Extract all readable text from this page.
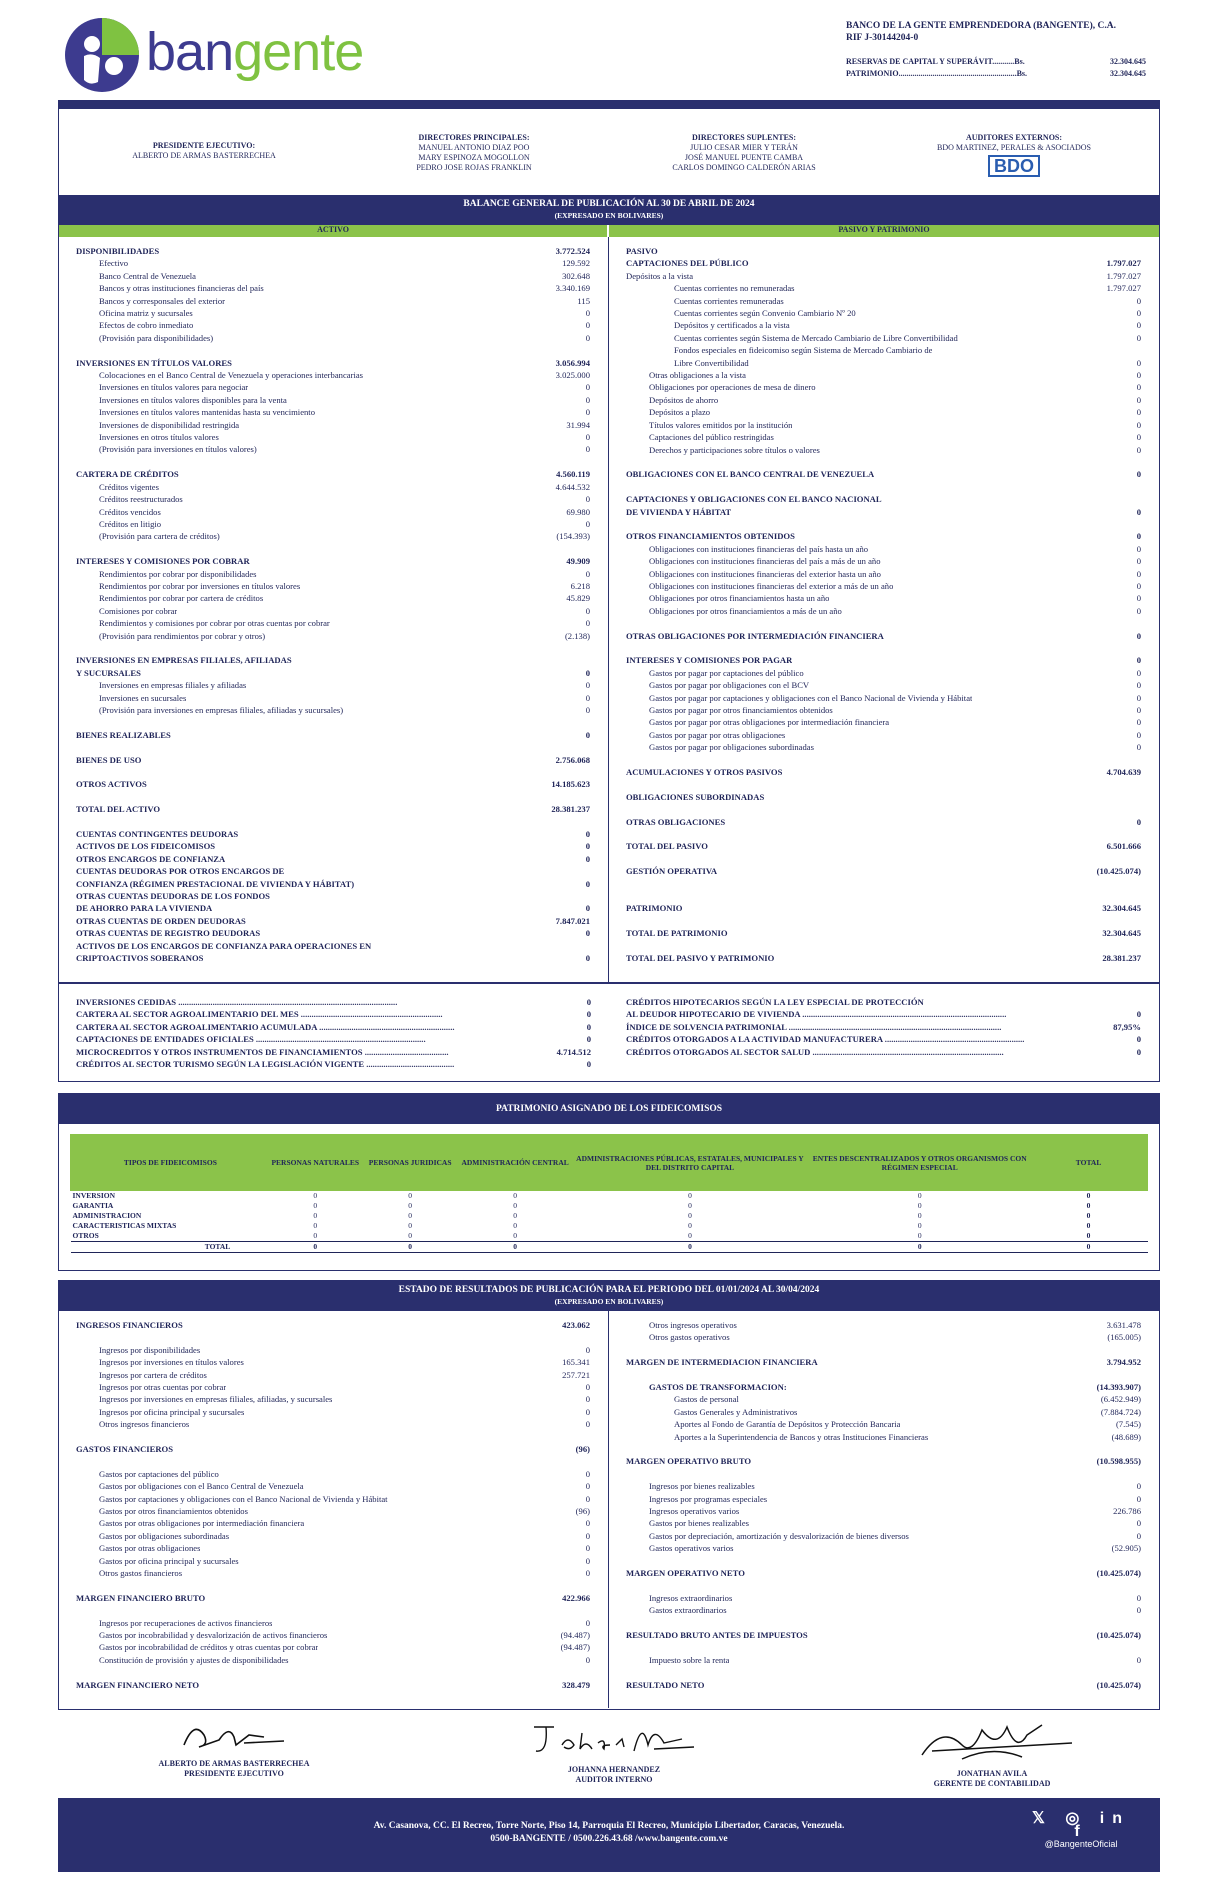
bangente	BANCO DE LA GENTE EMPRENDEDORA (BANGENTE), C.A.
RIF J-30144204-0
RESERVAS DE CAPITAL Y SUPERÁVIT...........Bs.	32.304.645
PATRIMONIO...........................................................Bs.	32.304.645
PRESIDENTE EJECUTIVO:
ALBERTO DE ARMAS BASTERRECHEA
DIRECTORES PRINCIPALES:
MANUEL ANTONIO DIAZ POO
MARY ESPINOZA MOGOLLON
PEDRO JOSE ROJAS FRANKLIN
DIRECTORES SUPLENTES:
JULIO CESAR MIER Y TERÁN
JOSÉ MANUEL PUENTE CAMBA
CARLOS DOMINGO CALDERÓN ARIAS
AUDITORES EXTERNOS:
BDO MARTINEZ, PERALES & ASOCIADOS
BDO
BALANCE GENERAL DE PUBLICACIÓN AL 30 DE ABRIL DE 2024
(EXPRESADO EN BOLIVARES)
ACTIVO	PASIVO Y PATRIMONIO
DISPONIBILIDADES	3.772.524
Efectivo	129.592
Banco Central de Venezuela	302.648
Bancos y otras instituciones financieras del país	3.340.169
Bancos y corresponsales del exterior	115
Oficina matriz y sucursales	0
Efectos de cobro inmediato	0
(Provisión para disponibilidades)	0
INVERSIONES EN TÍTULOS VALORES	3.056.994
Colocaciones en el Banco Central de Venezuela y operaciones interbancarias	3.025.000
Inversiones en títulos valores para negociar	0
Inversiones en títulos valores disponibles para la venta	0
Inversiones en títulos valores mantenidas hasta su vencimiento	0
Inversiones de disponibilidad restringida	31.994
Inversiones en otros títulos valores	0
(Provisión para inversiones en títulos valores)	0
CARTERA DE CRÉDITOS	4.560.119
Créditos vigentes	4.644.532
Créditos reestructurados	0
Créditos vencidos	69.980
Créditos en litigio	0
(Provisión para cartera de créditos)	(154.393)
INTERESES Y COMISIONES POR COBRAR	49.909
Rendimientos por cobrar por disponibilidades	0
Rendimientos por cobrar por inversiones en títulos valores	6.218
Rendimientos por cobrar por cartera de créditos	45.829
Comisiones por cobrar	0
Rendimientos y comisiones por cobrar por otras cuentas por cobrar	0
(Provisión para rendimientos por cobrar y otros)	(2.138)
INVERSIONES EN EMPRESAS FILIALES, AFILIADAS
Y SUCURSALES	0
Inversiones en empresas filiales y afiliadas	0
Inversiones en sucursales	0
(Provisión para inversiones en empresas filiales, afiliadas y sucursales)	0
BIENES REALIZABLES	0
BIENES DE USO	2.756.068
OTROS ACTIVOS	14.185.623
TOTAL DEL ACTIVO	28.381.237
CUENTAS CONTINGENTES DEUDORAS	0
ACTIVOS DE LOS FIDEICOMISOS	0
OTROS ENCARGOS DE CONFIANZA	0
CUENTAS DEUDORAS POR OTROS ENCARGOS DE
CONFIANZA (RÉGIMEN PRESTACIONAL DE VIVIENDA Y HÁBITAT)	0
OTRAS CUENTAS DEUDORAS DE LOS FONDOS
DE AHORRO PARA LA VIVIENDA	0
OTRAS CUENTAS DE ORDEN DEUDORAS	7.847.021
OTRAS CUENTAS DE REGISTRO DEUDORAS	0
ACTIVOS DE LOS ENCARGOS DE CONFIANZA PARA OPERACIONES EN
CRIPTOACTIVOS SOBERANOS	0
PASIVO
CAPTACIONES DEL PÚBLICO	1.797.027
Depósitos a la vista	1.797.027
Cuentas corrientes no remuneradas	1.797.027
Cuentas corrientes remuneradas	0
Cuentas corrientes según Convenio Cambiario Nº 20	0
Depósitos y certificados a la vista	0
Cuentas corrientes según Sistema de Mercado Cambiario de Libre Convertibilidad	0
Fondos especiales en fideicomiso según Sistema de Mercado Cambiario de
Libre Convertibilidad	0
Otras obligaciones a la vista	0
Obligaciones por operaciones de mesa de dinero	0
Depósitos de ahorro	0
Depósitos a plazo	0
Títulos valores emitidos por la institución	0
Captaciones del público restringidas	0
Derechos y participaciones sobre títulos o valores	0
OBLIGACIONES CON EL BANCO CENTRAL DE VENEZUELA	0
CAPTACIONES Y OBLIGACIONES CON EL BANCO NACIONAL
DE VIVIENDA Y HÁBITAT	0
OTROS FINANCIAMIENTOS OBTENIDOS	0
Obligaciones con instituciones financieras del país hasta un año	0
Obligaciones con instituciones financieras del país a más de un año	0
Obligaciones con instituciones financieras del exterior hasta un año	0
Obligaciones con instituciones financieras del exterior a más de un año	0
Obligaciones por otros financiamientos hasta un año	0
Obligaciones por otros financiamientos a más de un año	0
OTRAS OBLIGACIONES POR INTERMEDIACIÓN FINANCIERA	0
INTERESES Y COMISIONES POR PAGAR	0
Gastos por pagar por captaciones del público	0
Gastos por pagar por obligaciones con el BCV	0
Gastos por pagar por captaciones y obligaciones con el Banco Nacional de Vivienda y Hábitat	0
Gastos por pagar por otros financiamientos obtenidos	0
Gastos por pagar por otras obligaciones por intermediación financiera	0
Gastos por pagar por otras obligaciones	0
Gastos por pagar por obligaciones subordinadas	0
ACUMULACIONES Y OTROS PASIVOS	4.704.639
OBLIGACIONES SUBORDINADAS
OTRAS OBLIGACIONES	0
TOTAL DEL PASIVO	6.501.666
GESTIÓN OPERATIVA	(10.425.074)
PATRIMONIO	32.304.645
TOTAL DE PATRIMONIO	32.304.645
TOTAL DEL PASIVO Y PATRIMONIO	28.381.237
INVERSIONES CEDIDAS ......................................................................................................	0
CARTERA AL SECTOR AGROALIMENTARIO DEL MES ..................................................................	0
CARTERA AL SECTOR AGROALIMENTARIO ACUMULADA ...............................................................	0
CAPTACIONES DE ENTIDADES OFICIALES ...............................................................................	0
MICROCREDITOS Y OTROS INSTRUMENTOS DE FINANCIAMIENTOS .......................................	4.714.512
CRÉDITOS AL SECTOR TURISMO SEGÚN LA LEGISLACIÓN VIGENTE .........................................	0
CRÉDITOS HIPOTECARIOS SEGÚN LA LEY ESPECIAL DE PROTECCIÓN
AL DEUDOR HIPOTECARIO DE VIVIENDA ...............................................................................................	0
ÍNDICE DE SOLVENCIA PATRIMONIAL ...................................................................................................	87,95%
CRÉDITOS OTORGADOS A LA ACTIVIDAD MANUFACTURERA .................................................................	0
CRÉDITOS OTORGADOS AL SECTOR SALUD .........................................................................................	0
PATRIMONIO ASIGNADO DE LOS FIDEICOMISOS
TIPOS DE FIDEICOMISOS	PERSONAS NATURALES	PERSONAS JURIDICAS	ADMINISTRACIÓN CENTRAL	ADMINISTRACIONES PÚBLICAS, ESTATALES, MUNICIPALES Y DEL DISTRITO CAPITAL	ENTES DESCENTRALIZADOS Y OTROS ORGANISMOS CON RÉGIMEN ESPECIAL	TOTAL
INVERSION	0	0	0	0	0	0
GARANTIA	0	0	0	0	0	0
ADMINISTRACION	0	0	0	0	0	0
CARACTERISTICAS MIXTAS	0	0	0	0	0	0
OTROS	0	0	0	0	0	0
TOTAL	0	0	0	0	0	0
ESTADO DE RESULTADOS DE PUBLICACIÓN PARA EL PERIODO DEL 01/01/2024 AL 30/04/2024
(EXPRESADO EN BOLIVARES)
INGRESOS FINANCIEROS	423.062
Ingresos por disponibilidades	0
Ingresos por inversiones en títulos valores	165.341
Ingresos por cartera de créditos	257.721
Ingresos por otras cuentas por cobrar	0
Ingresos por inversiones en empresas filiales, afiliadas, y sucursales	0
Ingresos por oficina principal y sucursales	0
Otros ingresos financieros	0
GASTOS FINANCIEROS	(96)
Gastos por captaciones del público	0
Gastos por obligaciones con el Banco Central de Venezuela	0
Gastos por captaciones y obligaciones con el Banco Nacional de Vivienda y Hábitat	0
Gastos por otros financiamientos obtenidos	(96)
Gastos por otras obligaciones por intermediación financiera	0
Gastos por obligaciones subordinadas	0
Gastos por otras obligaciones	0
Gastos por oficina principal y sucursales	0
Otros gastos financieros	0
MARGEN FINANCIERO BRUTO	422.966
Ingresos por recuperaciones de activos financieros	0
Gastos por incobrabilidad y desvalorización de activos financieros	(94.487)
Gastos por incobrabilidad de créditos y otras cuentas por cobrar	(94.487)
Constitución de provisión y ajustes de disponibilidades	0
MARGEN FINANCIERO NETO	328.479
Otros ingresos operativos	3.631.478
Otros gastos operativos	(165.005)
MARGEN DE INTERMEDIACION FINANCIERA	3.794.952
GASTOS DE TRANSFORMACION:	(14.393.907)
Gastos de personal	(6.452.949)
Gastos Generales y Administrativos	(7.884.724)
Aportes al Fondo de Garantía de Depósitos y Protección Bancaria	(7.545)
Aportes a la Superintendencia de Bancos y otras Instituciones Financieras	(48.689)
MARGEN OPERATIVO BRUTO	(10.598.955)
Ingresos por bienes realizables	0
Ingresos por programas especiales	0
Ingresos operativos varios	226.786
Gastos por bienes realizables	0
Gastos por depreciación, amortización y desvalorización de bienes diversos	0
Gastos operativos varios	(52.905)
MARGEN OPERATIVO NETO	(10.425.074)
Ingresos extraordinarios	0
Gastos extraordinarios	0
RESULTADO BRUTO ANTES DE IMPUESTOS	(10.425.074)
Impuesto sobre la renta	0
RESULTADO NETO	(10.425.074)
ALBERTO DE ARMAS BASTERRECHEA
PRESIDENTE EJECUTIVO	JOHANNA HERNANDEZ
AUDITOR INTERNO
JONATHAN AVILA
GERENTE DE CONTABILIDAD
Av. Casanova, CC. El Recreo, Torre Norte, Piso 14, Parroquia El Recreo, Municipio Libertador, Caracas, Venezuela.
0500-BANGENTE / 0500.226.43.68 /www.bangente.com.ve
𝕏 ◎ in f
@BangenteOficial
